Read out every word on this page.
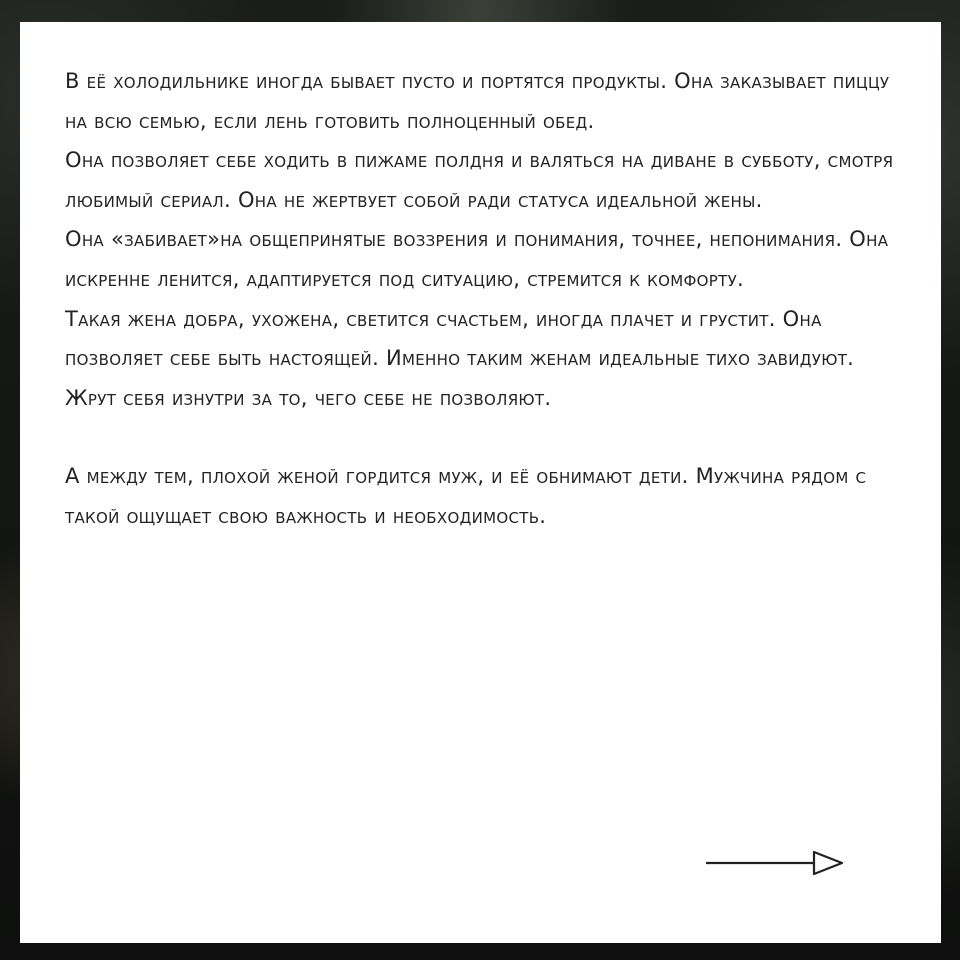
В её холодильнике иногда бывает пусто и портятся продукты. Она заказывает пиццу на всю семью, если лень готовить полноценный обед.

Она позволяет себе ходить в пижаме полдня и валяться на диване в субботу, смотря любимый сериал. Она не жертвует собой ради статуса идеальной жены.

Она «забивает»на общепринятые воззрения и понимания, точнее, непонимания. Она искренне ленится, адаптируется под ситуацию, стремится к комфорту.

Такая жена добра, ухожена, светится счастьем, иногда плачет и грустит. Она позволяет себе быть настоящей. Именно таким женам идеальные тихо завидуют. Жрут себя изнутри за то, чего себе не позволяют.

А между тем, плохой женой гордится муж, и её обнимают дети. Мужчина рядом с такой ощущает свою важность и необходимость.
